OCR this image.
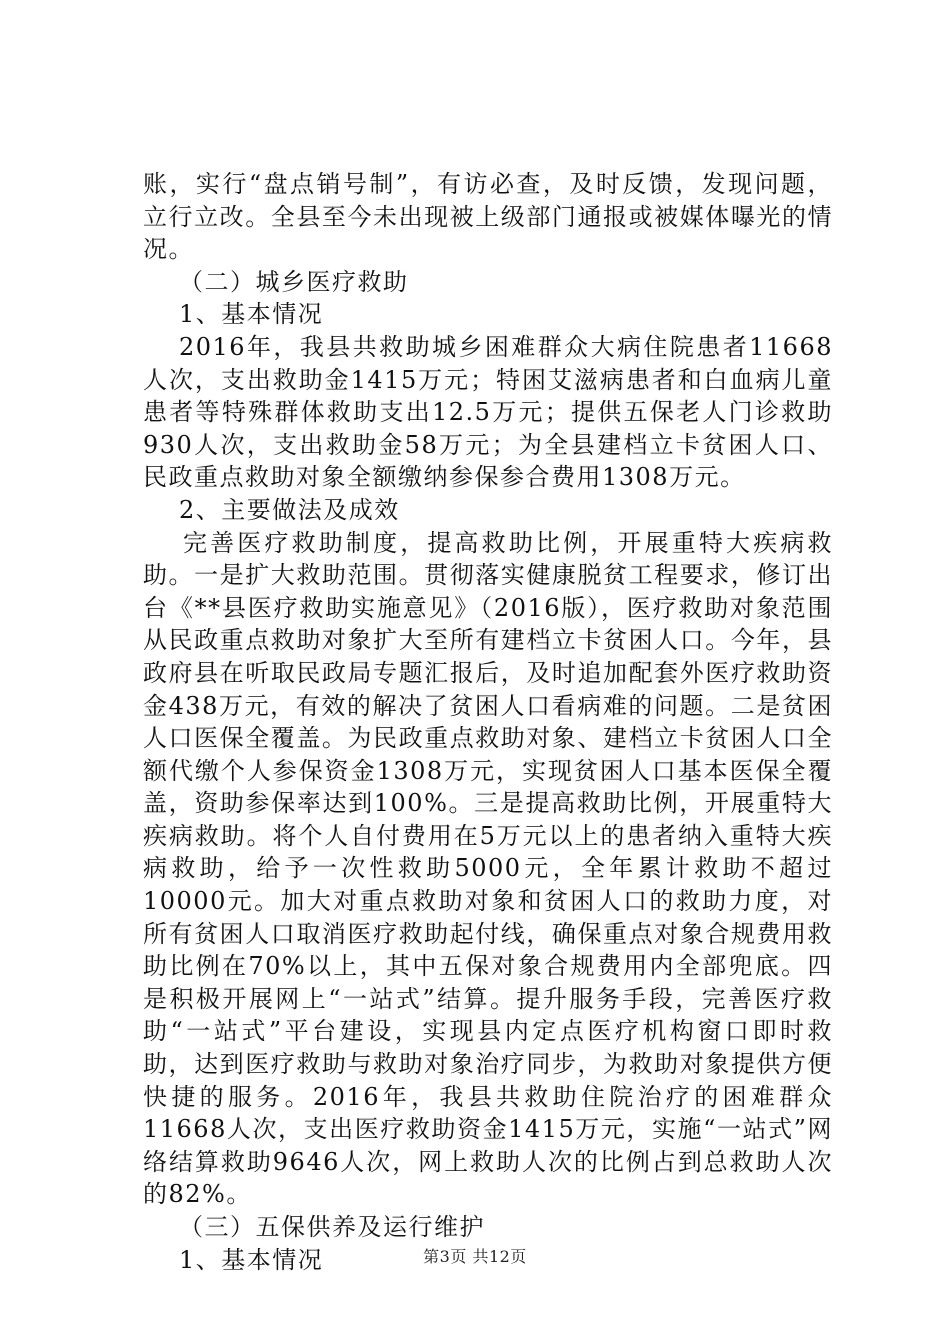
账，实行“盘点销号制”，有访必查，及时反馈，发现问题，立行立改。全县至今未出现被上级部门通报或被媒体曝光的情况。

（二）城乡医疗救助

1、基本情况

2016年，我县共救助城乡困难群众大病住院患者11668人次，支出救助金1415万元；特困艾滋病患者和白血病儿童患者等特殊群体救助支出12.5万元；提供五保老人门诊救助930人次，支出救助金58万元；为全县建档立卡贫困人口、民政重点救助对象全额缴纳参保参合费用1308万元。

2、主要做法及成效

完善医疗救助制度，提高救助比例，开展重特大疾病救助。一是扩大救助范围。贯彻落实健康脱贫工程要求，修订出台《**县医疗救助实施意见》（2016版），医疗救助对象范围从民政重点救助对象扩大至所有建档立卡贫困人口。今年，县政府县在听取民政局专题汇报后，及时追加配套外医疗救助资金438万元，有效的解决了贫困人口看病难的问题。二是贫困人口医保全覆盖。为民政重点救助对象、建档立卡贫困人口全额代缴个人参保资金1308万元，实现贫困人口基本医保全覆盖，资助参保率达到100%。三是提高救助比例，开展重特大疾病救助。将个人自付费用在5万元以上的患者纳入重特大疾病救助，给予一次性救助5000元，全年累计救助不超过10000元。加大对重点救助对象和贫困人口的救助力度，对所有贫困人口取消医疗救助起付线，确保重点对象合规费用救助比例在70%以上，其中五保对象合规费用内全部兜底。四是积极开展网上“一站式”结算。提升服务手段，完善医疗救助“一站式”平台建设，实现县内定点医疗机构窗口即时救助，达到医疗救助与救助对象治疗同步，为救助对象提供方便快捷的服务。2016年，我县共救助住院治疗的困难群众11668人次，支出医疗救助资金1415万元，实施“一站式”网络结算救助9646人次，网上救助人次的比例占到总救助人次的82%。

（三）五保供养及运行维护

1、基本情况	第3页 共12页
